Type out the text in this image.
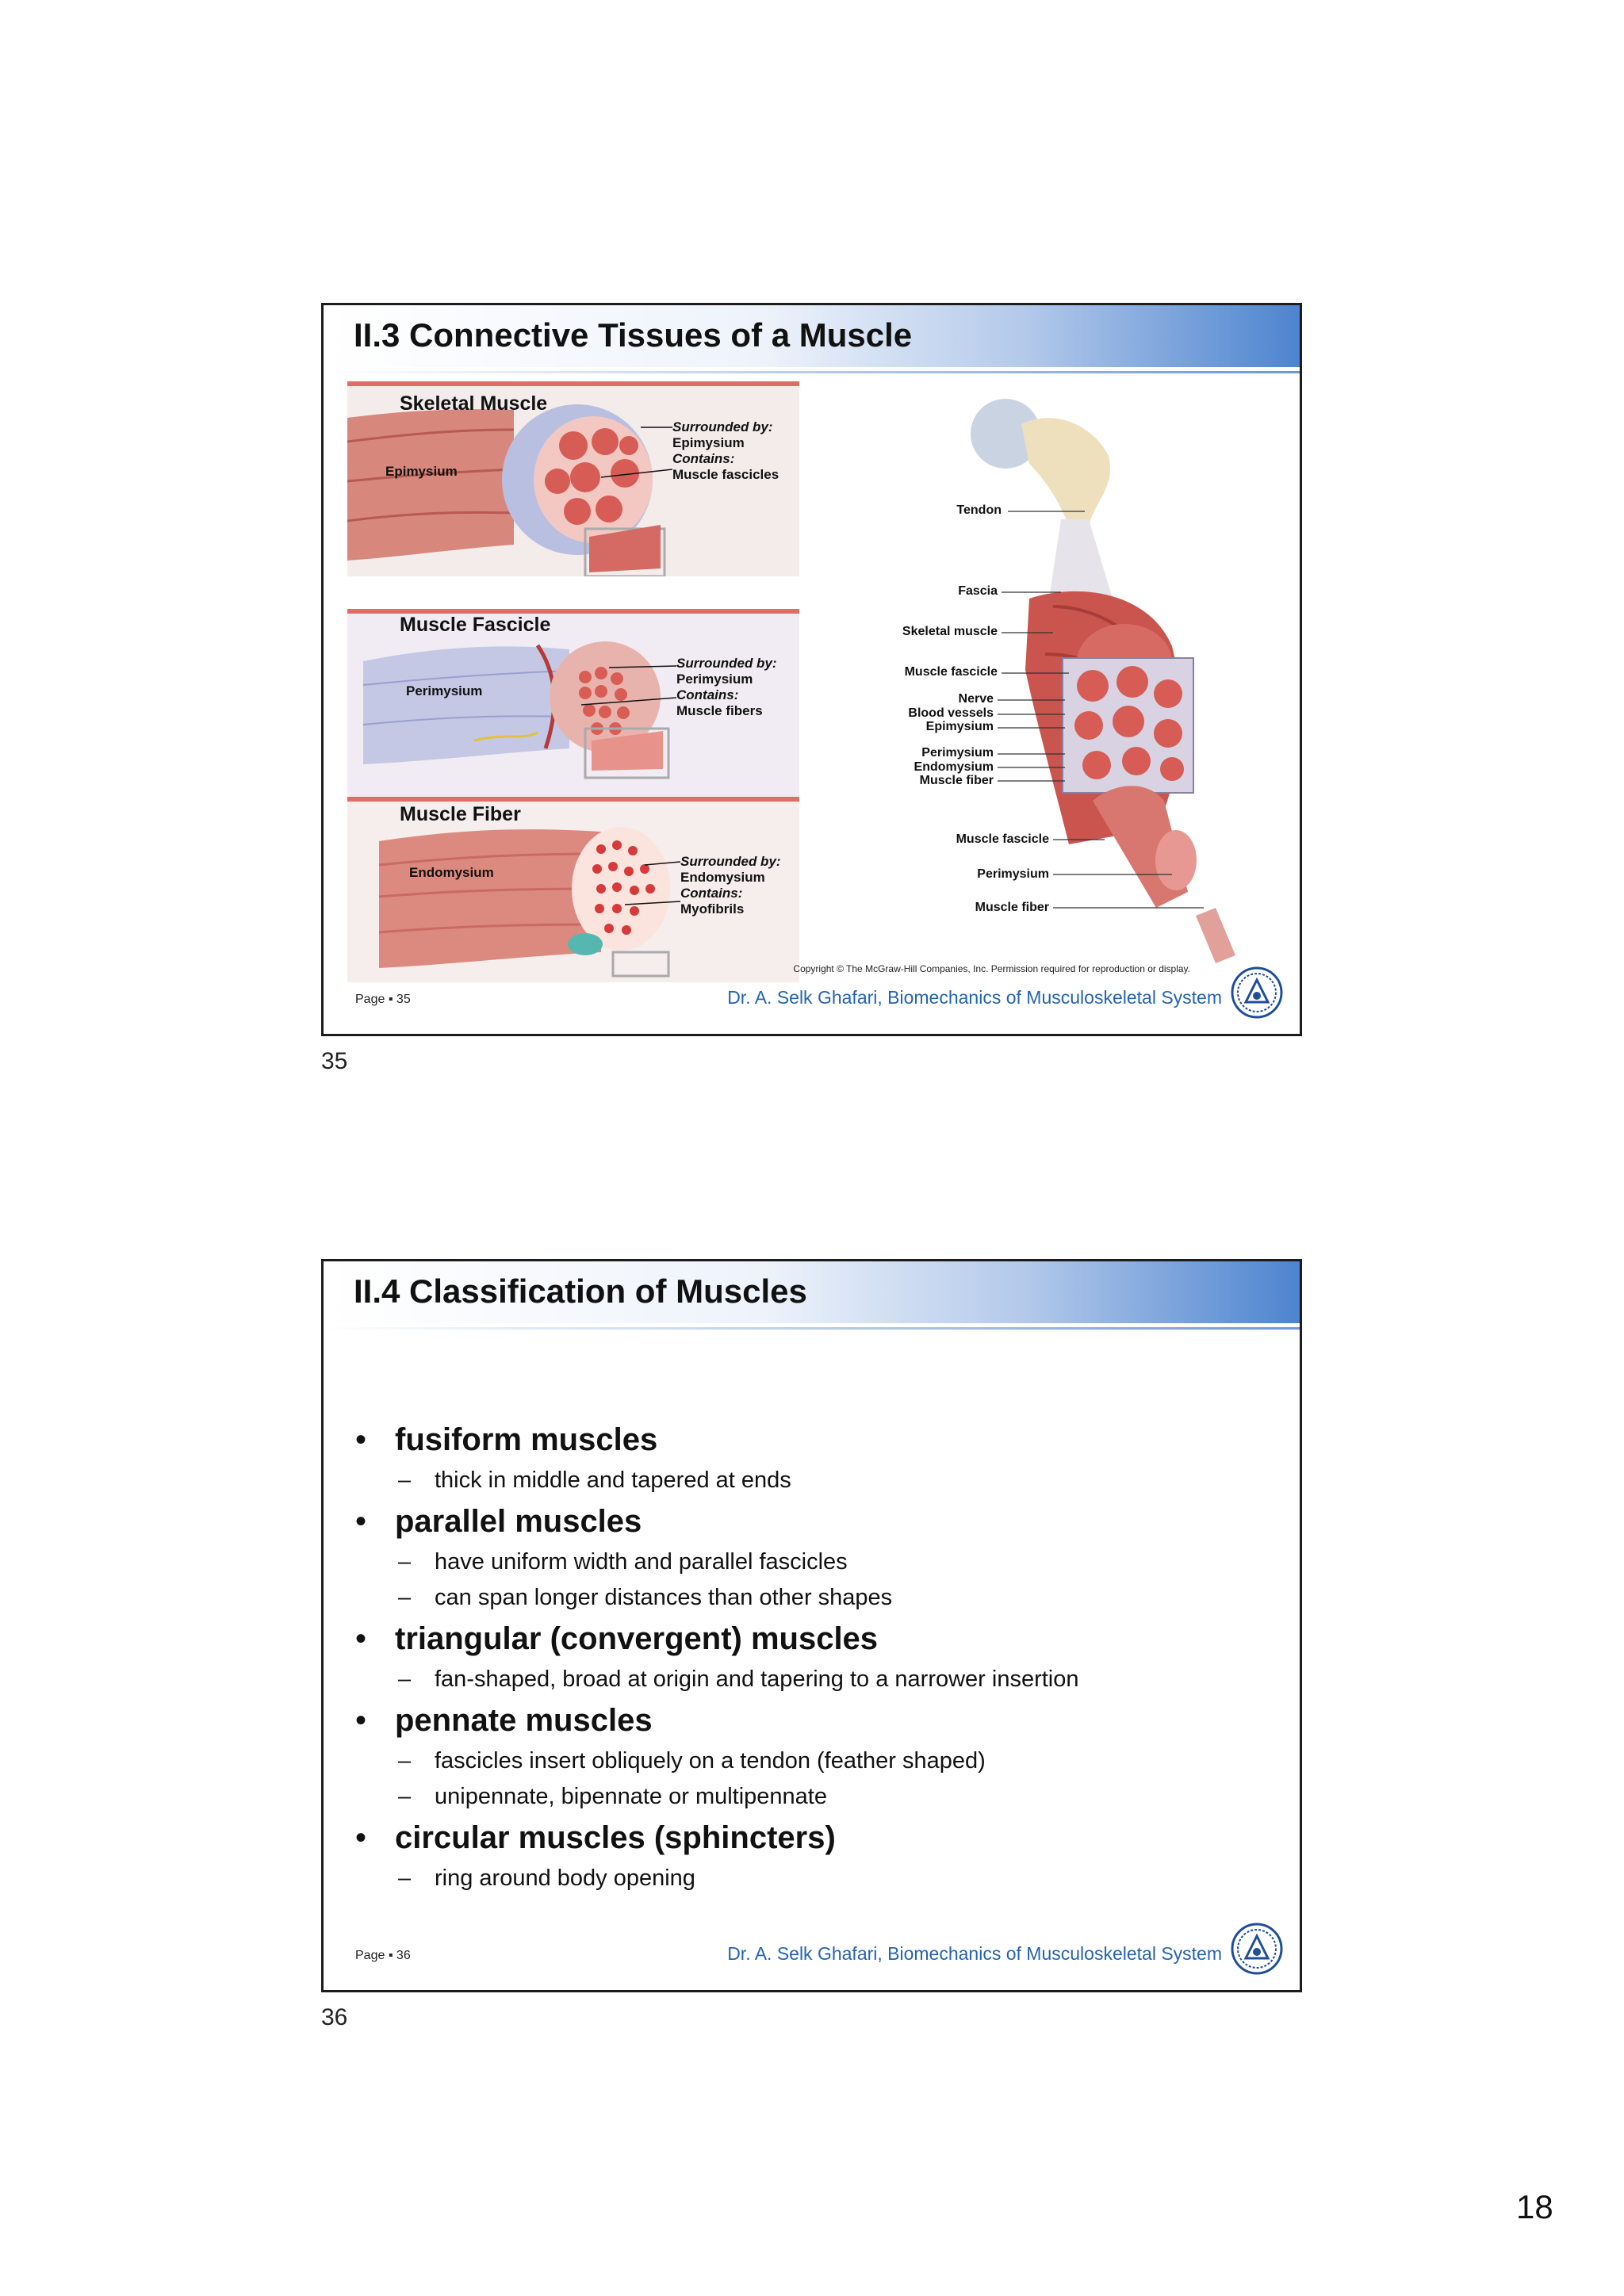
II.3 Connective Tissues of a Muscle
Skeletal Muscle
Epimysium
Surrounded by:
Epimysium
Contains:
Muscle fascicles
Muscle Fascicle
Perimysium
Surrounded by:
Perimysium
Contains:
Muscle fibers
Muscle Fiber
Endomysium
Surrounded by:
Endomysium
Contains:
Myofibrils
Tendon
Fascia
Skeletal muscle
Muscle fascicle
Nerve
Blood vessels
Epimysium
Perimysium
Endomysium
Muscle fiber
Muscle fascicle
Perimysium
Muscle fiber
Copyright © The McGraw-Hill Companies, Inc. Permission required for reproduction or display.
Page ▪ 35	Dr. A. Selk Ghafari, Biomechanics of Musculoskeletal System
35
II.4 Classification of Muscles
• fusiform muscles
– thick in middle and tapered at ends
• parallel muscles
– have uniform width and parallel fascicles
– can span longer distances than other shapes
• triangular (convergent) muscles
– fan-shaped, broad at origin and tapering to a narrower insertion
• pennate muscles
– fascicles insert obliquely on a tendon (feather shaped)
– unipennate, bipennate or multipennate
• circular muscles (sphincters)
– ring around body opening
Page ▪ 36	Dr. A. Selk Ghafari, Biomechanics of Musculoskeletal System
36
18
